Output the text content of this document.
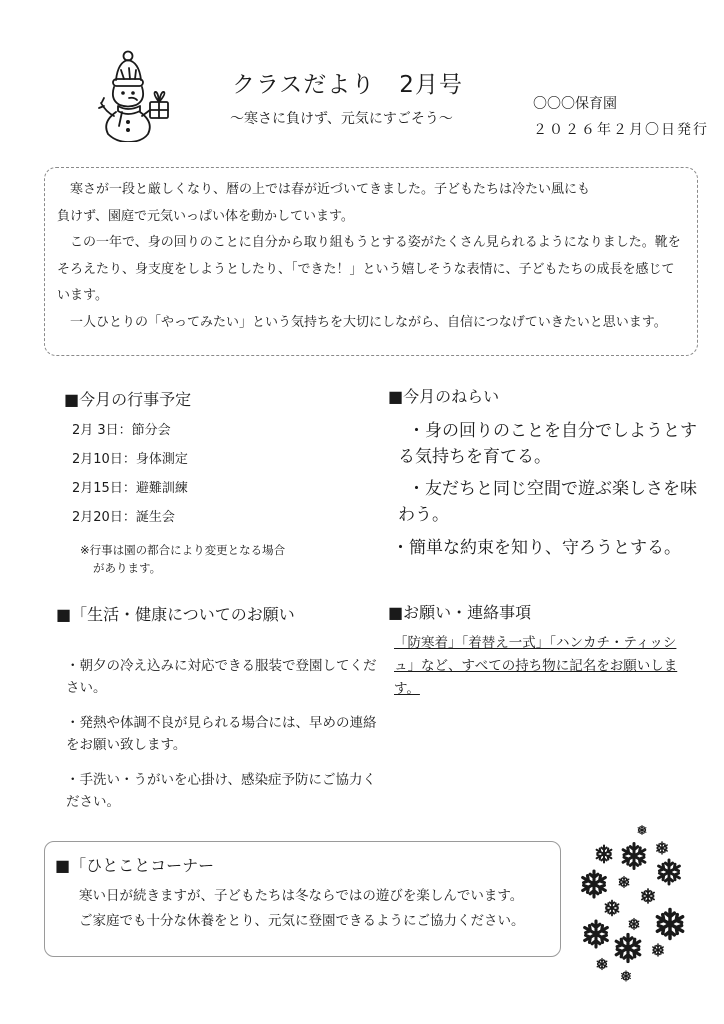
クラスだより　2月号
〜寒さに負けず、元気にすごそう〜
〇〇〇保育園
２０２６年２月〇日発行

寒さが一段と厳しくなり、暦の上では春が近づいてきました。子どもたちは冷たい風にも

負けず、園庭で元気いっぱい体を動かしています。

この一年で、身の回りのことに自分から取り組もうとする姿がたくさん見られるようになりました。靴をそろえたり、身支度をしようとしたり、「できた！」という嬉しそうな表情に、子どもたちの成長を感じています。

一人ひとりの「やってみたい」という気持ちを大切にしながら、自信につなげていきたいと思います。

■今月の行事予定
2月 3日：節分会
2月10日：身体測定
2月15日：避難訓練
2月20日：誕生会
※行事は園の都合により変更となる場合
があります。
■今月のねらい
・身の回りのことを自分でしようとする気持ちを育てる。
・友だちと同じ空間で遊ぶ楽しさを味わう。
・簡単な約束を知り、守ろうとする。
■「生活・健康についてのお願い
・朝夕の冷え込みに対応できる服装で登園してください。
・発熱や体調不良が見られる場合には、早めの連絡をお願い致します。
・手洗い・うがいを心掛け、感染症予防にご協力ください。
■お願い・連絡事項
「防寒着」「着替え一式」「ハンカチ・ティッシュ」など、すべての持ち物に記名をお願いします。
■「ひとことコーナー
寒い日が続きますが、子どもたちは冬ならではの遊びを楽しんでいます。
ご家庭でも十分な休養をとり、元気に登園できるようにご協力ください。
